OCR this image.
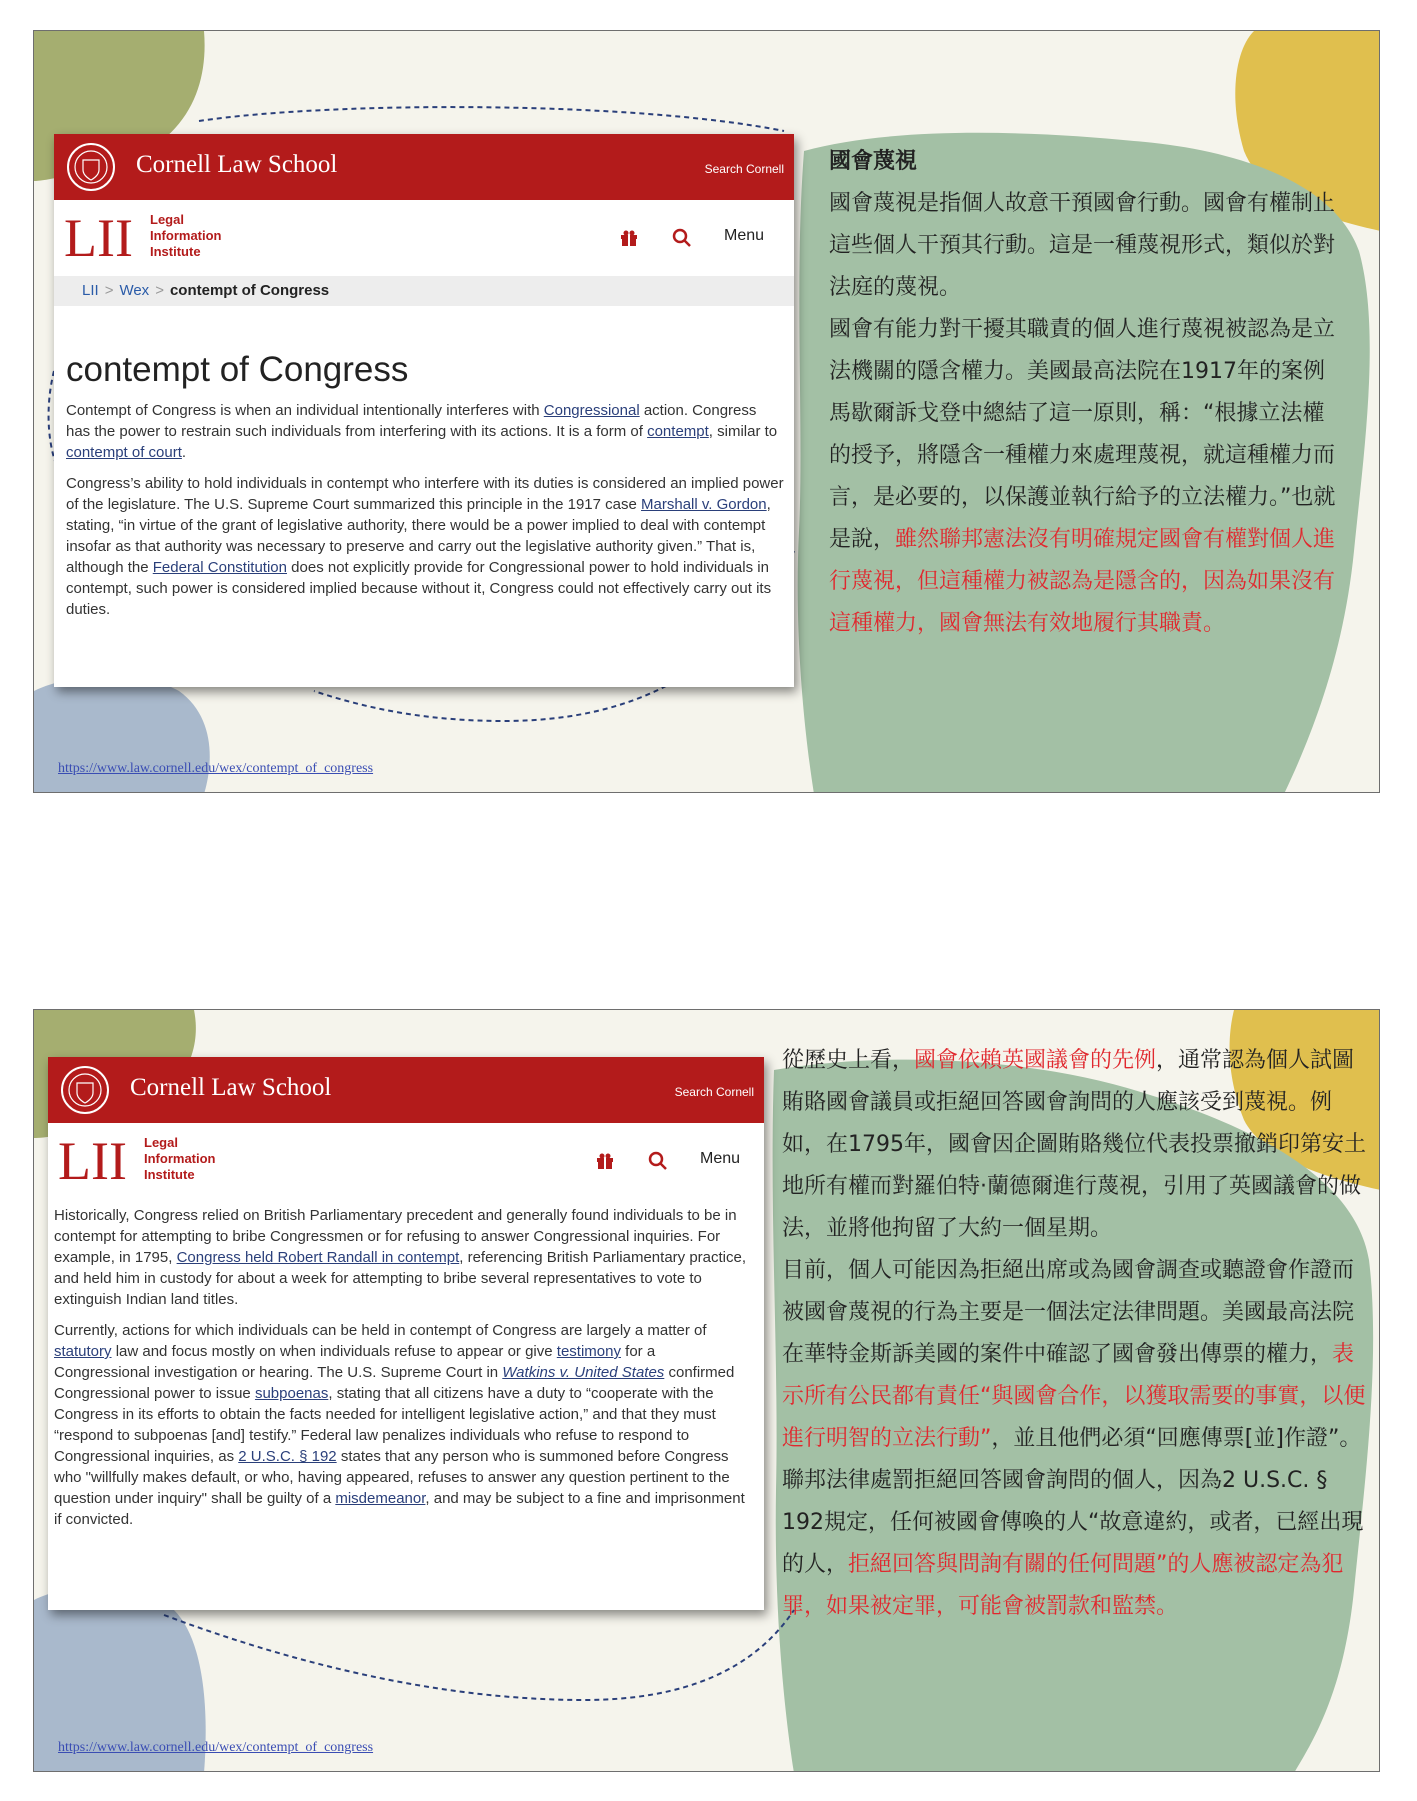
Cornell Law School	Search Cornell
LII Legal
Information
Institute
Menu
LII > Wex > contempt of Congress
contempt of Congress
Contempt of Congress is when an individual intentionally interferes with Congressional action. Congress has the power to restrain such individuals from interfering with its actions. It is a form of contempt, similar to contempt of court.
Congress’s ability to hold individuals in contempt who interfere with its duties is considered an implied power of the legislature. The U.S. Supreme Court summarized this principle in the 1917 case Marshall v. Gordon, stating, “in virtue of the grant of legislative authority, there would be a power implied to deal with contempt insofar as that authority was necessary to preserve and carry out the legislative authority given.” That is, although the Federal Constitution does not explicitly provide for Congressional power to hold individuals in contempt, such power is considered implied because without it, Congress could not effectively carry out its duties.
https://www.law.cornell.edu/wex/contempt_of_congress
國會蔑視

國會蔑視是指個人故意干預國會行動。國會有權制止這些個人干預其行動。這是一種蔑視形式，類似於對法庭的蔑視。

國會有能力對干擾其職責的個人進行蔑視被認為是立法機關的隱含權力。美國最高法院在1917年的案例馬歇爾訴戈登中總結了這一原則，稱：“根據立法權的授予，將隱含一種權力來處理蔑視，就這種權力而言，是必要的，以保護並執行給予的立法權力。”也就是說，雖然聯邦憲法沒有明確規定國會有權對個人進行蔑視，但這種權力被認為是隱含的，因為如果沒有這種權力，國會無法有效地履行其職責。

Cornell Law School	Search Cornell
LII Legal
Information
Institute
Menu
Historically, Congress relied on British Parliamentary precedent and generally found individuals to be in contempt for attempting to bribe Congressmen or for refusing to answer Congressional inquiries. For example, in 1795, Congress held Robert Randall in contempt, referencing British Parliamentary practice, and held him in custody for about a week for attempting to bribe several representatives to vote to extinguish Indian land titles.
Currently, actions for which individuals can be held in contempt of Congress are largely a matter of statutory law and focus mostly on when individuals refuse to appear or give testimony for a Congressional investigation or hearing. The U.S. Supreme Court in Watkins v. United States confirmed Congressional power to issue subpoenas, stating that all citizens have a duty to “cooperate with the Congress in its efforts to obtain the facts needed for intelligent legislative action,” and that they must “respond to subpoenas [and] testify.” Federal law penalizes individuals who refuse to respond to Congressional inquiries, as 2 U.S.C. § 192 states that any person who is summoned before Congress who "willfully makes default, or who, having appeared, refuses to answer any question pertinent to the question under inquiry" shall be guilty of a misdemeanor, and may be subject to a fine and imprisonment if convicted.
https://www.law.cornell.edu/wex/contempt_of_congress

從歷史上看，國會依賴英國議會的先例，通常認為個人試圖賄賂國會議員或拒絕回答國會詢問的人應該受到蔑視。例如，在1795年，國會因企圖賄賂幾位代表投票撤銷印第安土地所有權而對羅伯特·蘭德爾進行蔑視，引用了英國議會的做法，並將他拘留了大約一個星期。

目前，個人可能因為拒絕出席或為國會調查或聽證會作證而被國會蔑視的行為主要是一個法定法律問題。美國最高法院在華特金斯訴美國的案件中確認了國會發出傳票的權力，表示所有公民都有責任“與國會合作，以獲取需要的事實，以便進行明智的立法行動”，並且他們必須“回應傳票[並]作證”。聯邦法律處罰拒絕回答國會詢問的個人，因為2 U.S.C. § 192規定，任何被國會傳喚的人“故意違約，或者，已經出現的人，拒絕回答與問詢有關的任何問題”的人應被認定為犯罪，如果被定罪，可能會被罰款和監禁。
